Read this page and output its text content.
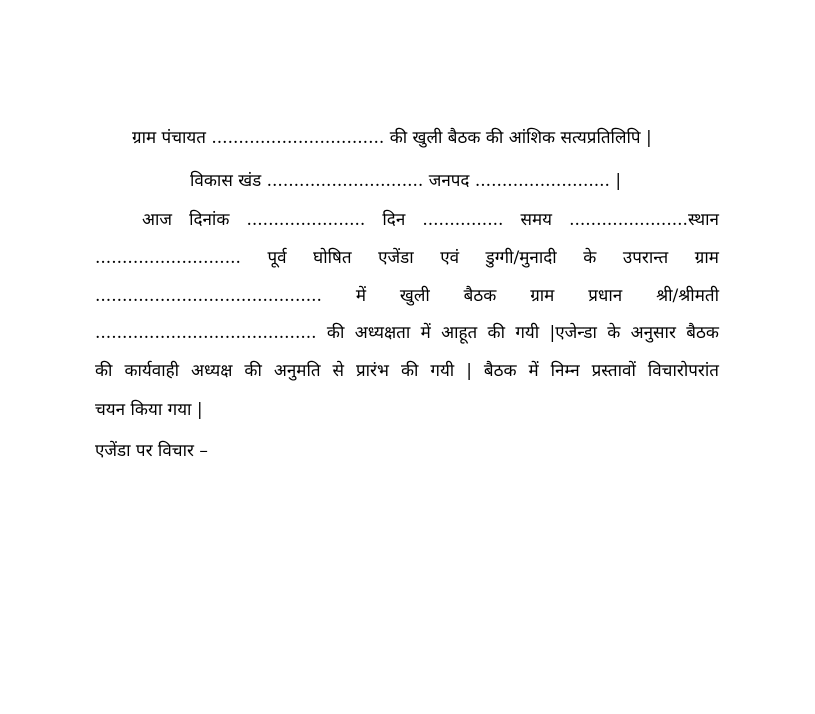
ग्राम पंचायत ................................ की खुली बैठक की आंशिक सत्यप्रतिलिपि |
विकास खंड ............................. जनपद ......................... |
आज दिनांक ...................... दिन ............... समय ......................स्थान
........................... पूर्व घोषित एजेंडा एवं डुग्गी/मुनादी के उपरान्त ग्राम
.......................................... में खुली बैठक ग्राम प्रधान श्री/श्रीमती
......................................... की अध्यक्षता में आहूत की गयी |एजेन्डा के अनुसार बैठक
की कार्यवाही अध्यक्ष की अनुमति से प्रारंभ की गयी | बैठक में निम्न प्रस्तावों विचारोपरांत
चयन किया गया |
एजेंडा पर विचार –
